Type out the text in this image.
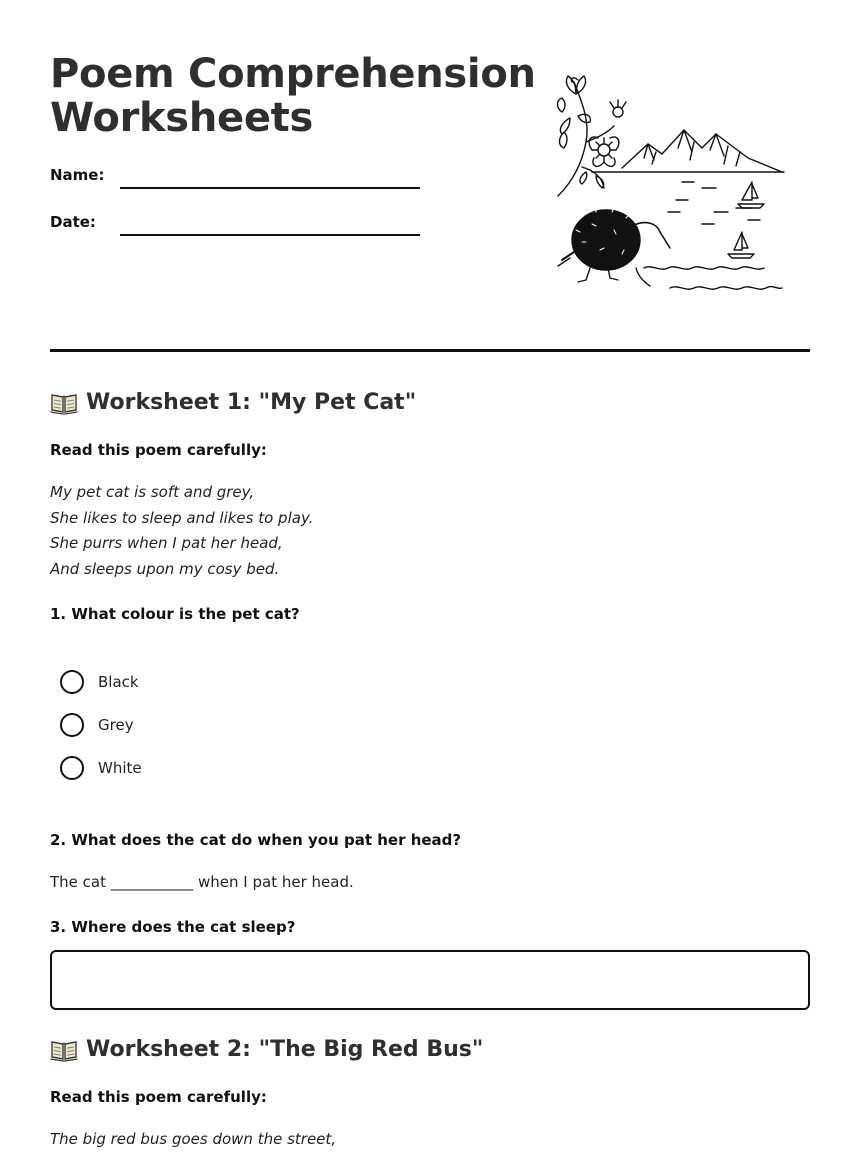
Poem Comprehension
Worksheets
Name:
Date:
Worksheet 1: "My Pet Cat"
Read this poem carefully:
My pet cat is soft and grey,
She likes to sleep and likes to play.
She purrs when I pat her head,
And sleeps upon my cosy bed.
1. What colour is the pet cat?
Black
Grey
White
2. What does the cat do when you pat her head?
The cat ___________ when I pat her head.
3. Where does the cat sleep?
Worksheet 2: "The Big Red Bus"
Read this poem carefully:
The big red bus goes down the street,
